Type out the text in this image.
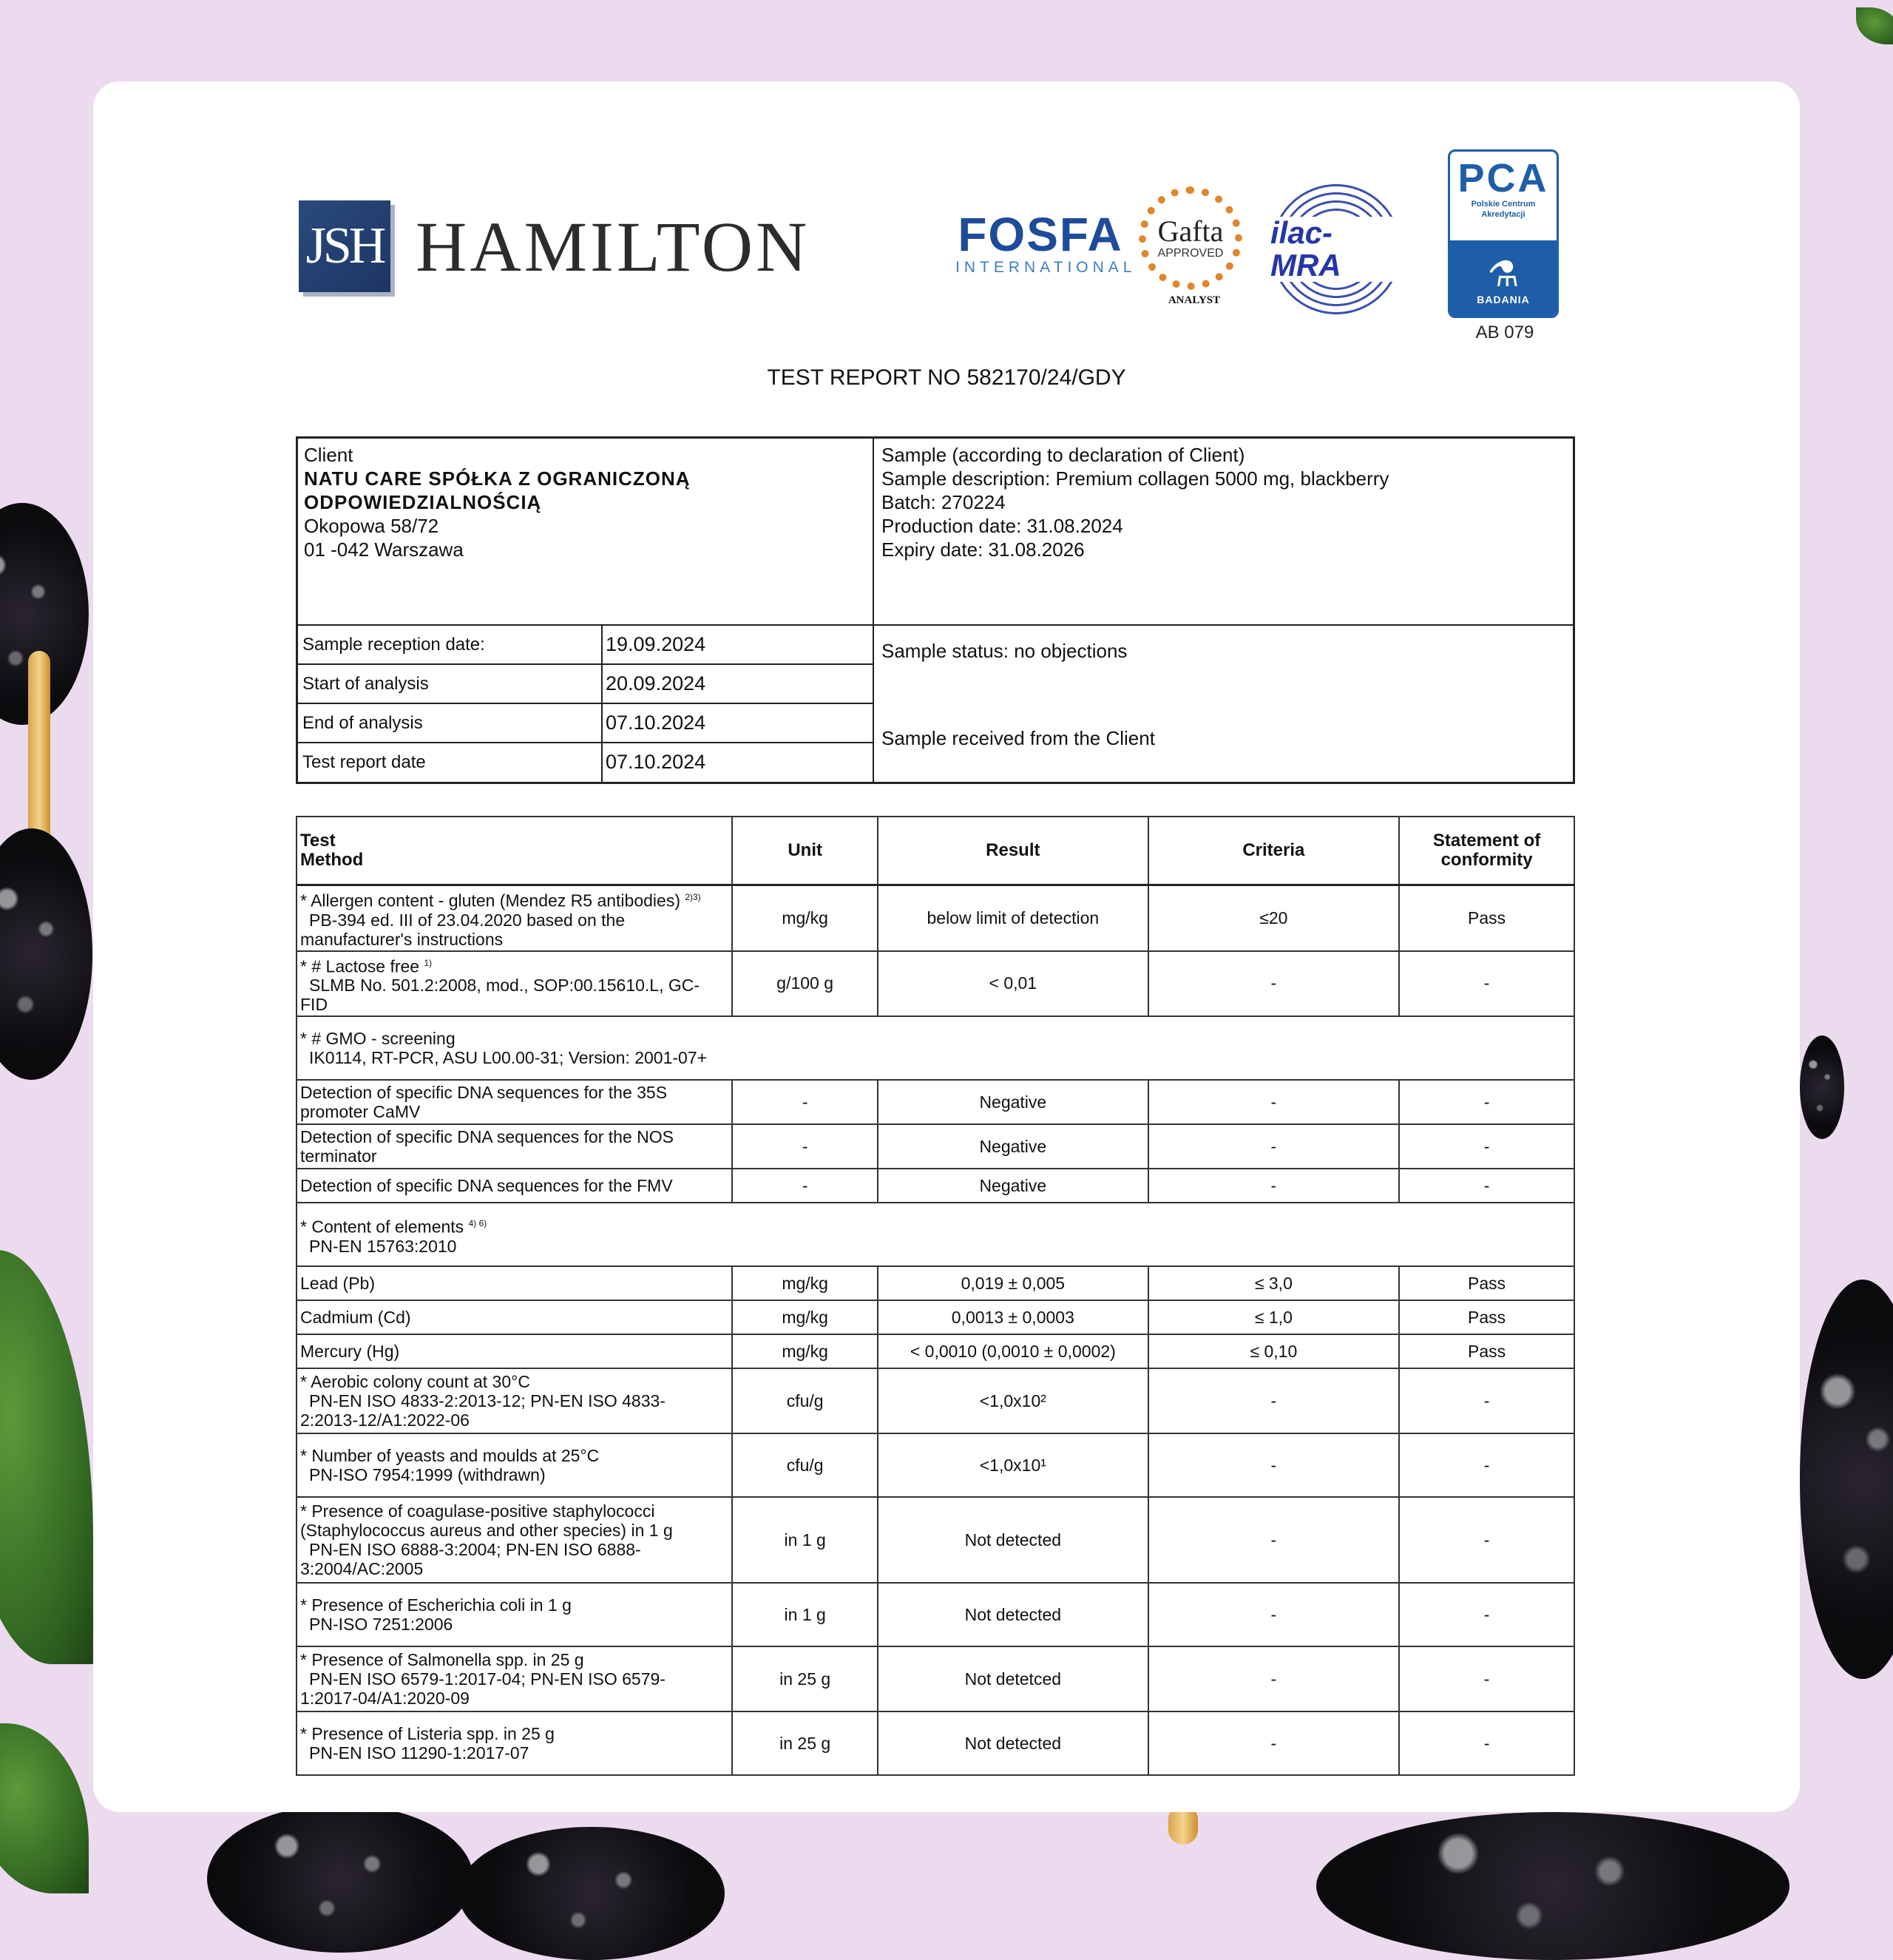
JSH HAMILTON	FOSFA
INTERNATIONAL
Gafta
APPROVED
ANALYST
ilac-MRA
PCA
Polskie Centrum
Akredytacji
⚗
BADANIA
AB 079
TEST REPORT NO 582170/24/GDY
Client
NATU CARE SPÓŁKA Z OGRANICZONĄ
ODPOWIEDZIALNOŚCIĄ
Okopowa 58/72
01 -042 Warszawa
Sample (according to declaration of Client)
Sample description: Premium collagen 5000 mg, blackberry
Batch: 270224
Production date: 31.08.2024
Expiry date: 31.08.2026
Sample reception date:	19.09.2024
Start of analysis	20.09.2024
End of analysis	07.10.2024
Test report date	07.10.2024
Sample status: no objections
Sample received from the Client
Test
Method	Unit	Result	Criteria	Statement of
conformity
* Allergen content - gluten (Mendez R5 antibodies) $^{2)3)}$
PB-394 ed. III of 23.04.2020 based on the
manufacturer's instructions	mg/kg	below limit of detection	≤20	Pass
* # Lactose free $^{1)}$
SLMB No. 501.2:2008, mod., SOP:00.15610.L, GC-
FID	g/100 g	< 0,01	-	-
* # GMO - screening
IK0114, RT-PCR, ASU L00.00-31; Version: 2001-07+				
Detection of specific DNA sequences for the 35S
promoter CaMV	-	Negative	-	-
Detection of specific DNA sequences for the NOS
terminator	-	Negative	-	-
Detection of specific DNA sequences for the FMV	-	Negative	-	-
* Content of elements $^{4) 6)}$
PN-EN 15763:2010				
Lead (Pb)	mg/kg	0,019 ± 0,005	≤ 3,0	Pass
Cadmium (Cd)	mg/kg	0,0013 ± 0,0003	≤ 1,0	Pass
Mercury (Hg)	mg/kg	< 0,0010 (0,0010 ± 0,0002)	≤ 0,10	Pass
* Aerobic colony count at 30°C
PN-EN ISO 4833-2:2013-12; PN-EN ISO 4833-
2:2013-12/A1:2022-06	cfu/g	<1,0x10²	-	-
* Number of yeasts and moulds at 25°C
PN-ISO 7954:1999 (withdrawn)	cfu/g	<1,0x10¹	-	-
* Presence of coagulase-positive staphylococci
(Staphylococcus aureus and other species) in 1 g
PN-EN ISO 6888-3:2004; PN-EN ISO 6888-
3:2004/AC:2005	in 1 g	Not detected	-	-
* Presence of Escherichia coli in 1 g
PN-ISO 7251:2006	in 1 g	Not detected	-	-
* Presence of Salmonella spp. in 25 g
PN-EN ISO 6579-1:2017-04; PN-EN ISO 6579-
1:2017-04/A1:2020-09	in 25 g	Not detetced	-	-
* Presence of Listeria spp. in 25 g
PN-EN ISO 11290-1:2017-07	in 25 g	Not detected	-	-
